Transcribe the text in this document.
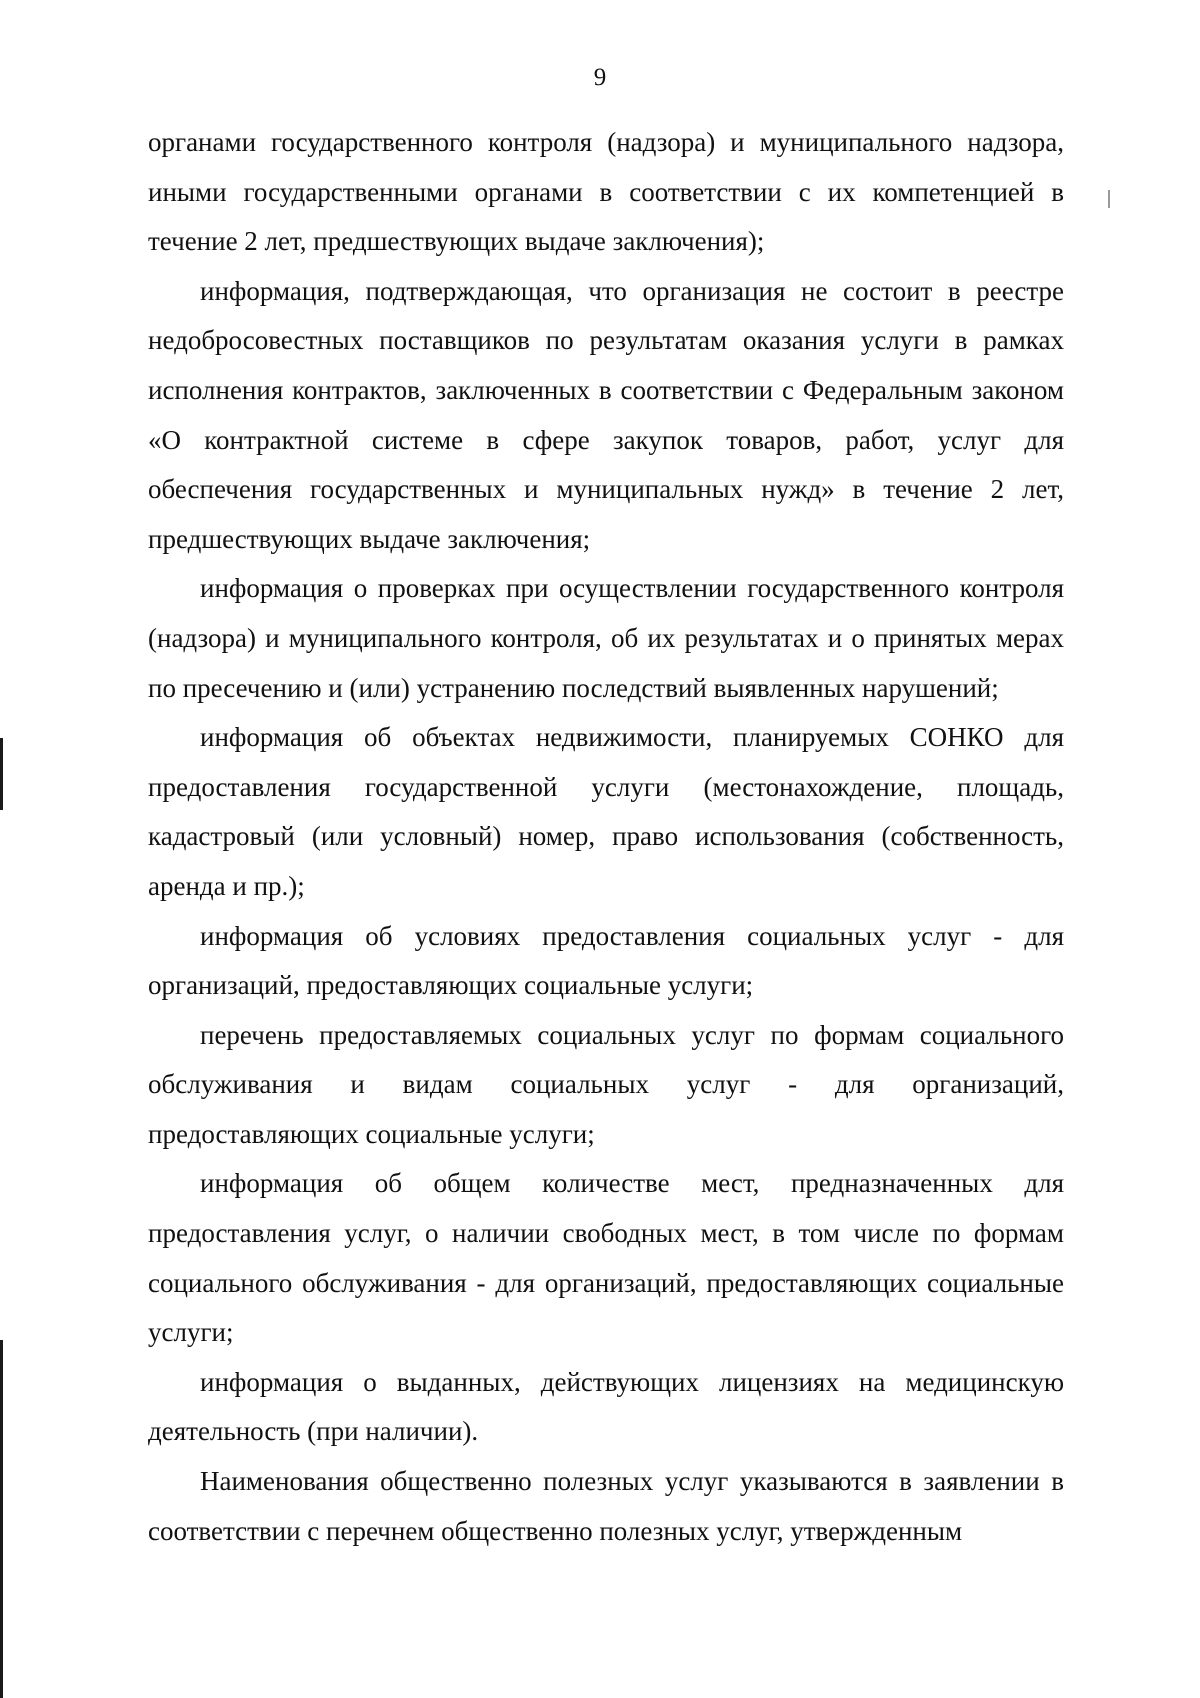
9

органами государственного контроля (надзора) и муниципального надзора, иными государственными органами в соответствии с их компетенцией в течение 2 лет, предшествующих выдаче заключения);

информация, подтверждающая, что организация не состоит в реестре недобросовестных поставщиков по результатам оказания услуги в рамках исполнения контрактов, заключенных в соответствии с Федеральным законом «О контрактной системе в сфере закупок товаров, работ, услуг для обеспечения государственных и муниципальных нужд» в течение 2 лет, предшествующих выдаче заключения;

информация о проверках при осуществлении государственного контроля (надзора) и муниципального контроля, об их результатах и о принятых мерах по пресечению и (или) устранению последствий выявленных нарушений;

информация об объектах недвижимости, планируемых СОНКО для предоставления государственной услуги (местонахождение, площадь, кадастровый (или условный) номер, право использования (собственность, аренда и пр.);

информация об условиях предоставления социальных услуг - для организаций, предоставляющих социальные услуги;

перечень предоставляемых социальных услуг по формам социального обслуживания и видам социальных услуг - для организаций, предоставляющих социальные услуги;

информация об общем количестве мест, предназначенных для предоставления услуг, о наличии свободных мест, в том числе по формам социального обслуживания - для организаций, предоставляющих социальные услуги;

информация о выданных, действующих лицензиях на медицинскую деятельность (при наличии).

Наименования общественно полезных услуг указываются в заявлении в соответствии с перечнем общественно полезных услуг, утвержденным
